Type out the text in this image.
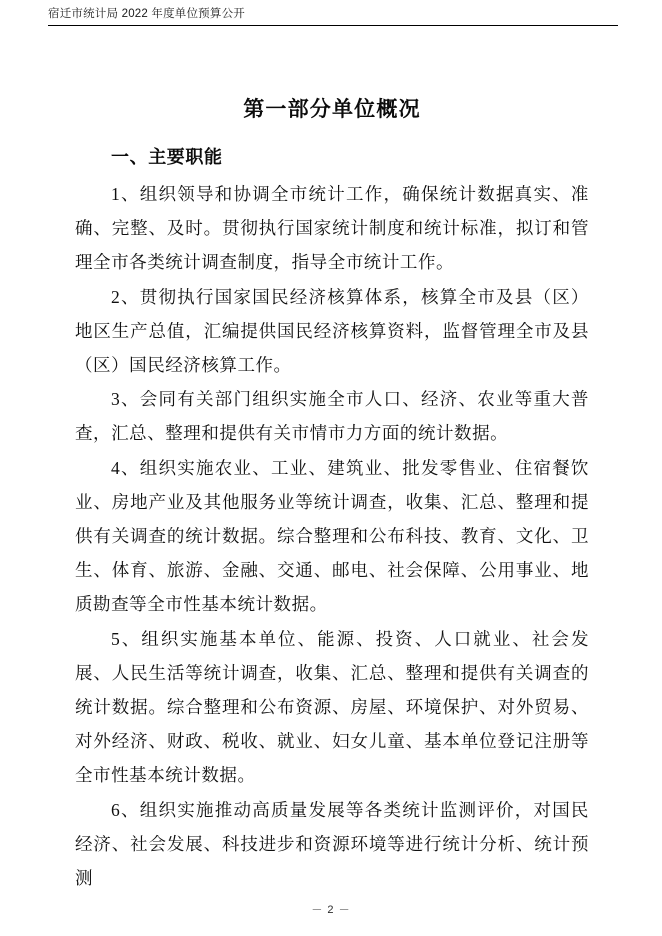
宿迁市统计局 2022 年度单位预算公开
第一部分单位概况
一、主要职能

1、组织领导和协调全市统计工作，确保统计数据真实、准确、完整、及时。贯彻执行国家统计制度和统计标准，拟订和管理全市各类统计调查制度，指导全市统计工作。

2、贯彻执行国家国民经济核算体系，核算全市及县（区）地区生产总值，汇编提供国民经济核算资料，监督管理全市及县（区）国民经济核算工作。

3、会同有关部门组织实施全市人口、经济、农业等重大普查，汇总、整理和提供有关市情市力方面的统计数据。

4、组织实施农业、工业、建筑业、批发零售业、住宿餐饮业、房地产业及其他服务业等统计调查，收集、汇总、整理和提供有关调查的统计数据。综合整理和公布科技、教育、文化、卫生、体育、旅游、金融、交通、邮电、社会保障、公用事业、地质勘查等全市性基本统计数据。

5、组织实施基本单位、能源、投资、人口就业、社会发展、人民生活等统计调查，收集、汇总、整理和提供有关调查的统计数据。综合整理和公布资源、房屋、环境保护、对外贸易、对外经济、财政、税收、就业、妇女儿童、基本单位登记注册等全市性基本统计数据。

6、组织实施推动高质量发展等各类统计监测评价，对国民经济、社会发展、科技进步和资源环境等进行统计分析、统计预测

－ 2 －
